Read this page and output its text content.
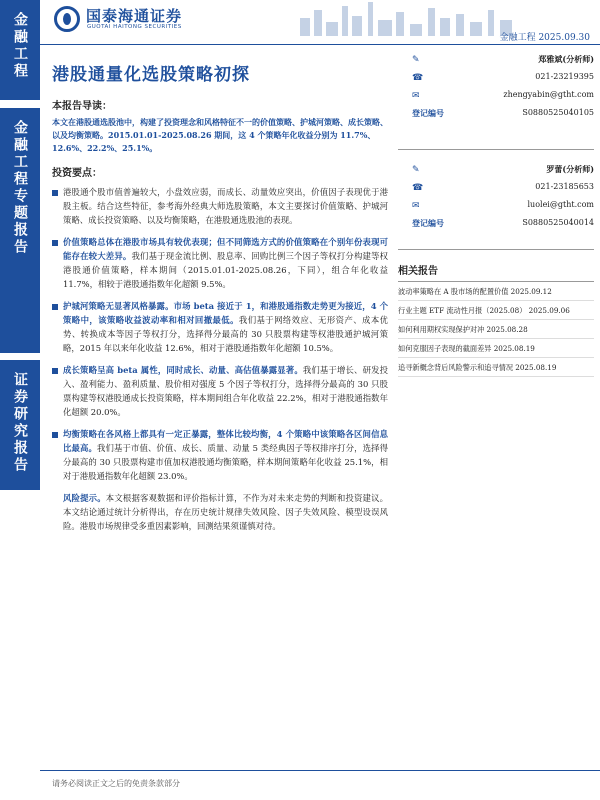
金融工程
金融工程专题报告
证券研究报告
国泰海通证券
GUOTAI HAITONG SECURITIES
金融工程 2025.09.30
港股通量化选股策略初探
本报告导读：
本文在港股通选股池中，构建了投资理念和风格特征不一的价值策略、护城河策略、成长策略、以及均衡策略。2015.01.01-2025.08.26 期间，这 4 个策略年化收益分别为 11.7%、12.6%、22.2%、25.1%。
投资要点：
港股通个股市值普遍较大，小盘效应弱，而成长、动量效应突出，价值因子表现优于港股主板。结合这些特征，参考海外经典大师选股策略，本文主要探讨价值策略、护城河策略、成长投资策略、以及均衡策略，在港股通选股池的表现。
价值策略总体在港股市场具有较优表现；但不同筛选方式的价值策略在个别年份表现可能存在较大差异。我们基于现金流比例、股息率、回购比例三个因子等权打分构建等权港股通价值策略，样本期间（2015.01.01-2025.08.26，下同），组合年化收益 11.7%，相较于港股通指数年化超额 9.5%。
护城河策略无显著风格暴露。市场 beta 接近于 1，和港股通指数走势更为接近，4 个策略中，该策略收益波动率和相对回撤最低。我们基于网络效应、无形资产、成本优势、转换成本等因子等权打分，选择得分最高的 30 只股票构建等权港股通护城河策略，2015 年以来年化收益 12.6%，相对于港股通指数年化超额 10.5%。
成长策略呈高 beta 属性，同时成长、动量、高估值暴露显著。我们基于增长、研发投入、盈利能力、盈利质量、股价相对强度 5 个因子等权打分，选择得分最高的 30 只股票构建等权港股通成长投资策略，样本期间组合年化收益 22.2%，相对于港股通指数年化超额 20.0%。
均衡策略在各风格上都具有一定正暴露，整体比较均衡，4 个策略中该策略各区间信息比最高。我们基于市值、价值、成长、质量、动量 5 类经典因子等权排序打分，选择得分最高的 30 只股票构建市值加权港股通均衡策略，样本期间策略年化收益 25.1%，相对于港股通指数年化超额 23.0%。
风险提示。本文根据客观数据和评价指标计算，不作为对未来走势的判断和投资建议。本文结论通过统计分析得出，存在历史统计规律失效风险、因子失效风险、模型设误风险。港股市场规律受多重因素影响，回测结果须谨慎对待。
✎	郑雅斌(分析师)
☎	021-23219395
✉	zhengyabin@gtht.com
登记编号	S0880525040105
✎	罗蕾(分析师)
☎	021-23185653
✉	luolei@gtht.com
登记编号	S0880525040014
相关报告
波动率策略在 A 股市场的配置价值 2025.09.12
行业主题 ETF 流动性月报（2025.08） 2025.09.06
如何利用期权实现保护对冲 2025.08.28
如何克服因子表现的截面差异 2025.08.19
追寻新概念背后风险警示和追寻情况 2025.08.19
请务必阅读正文之后的免责条款部分
